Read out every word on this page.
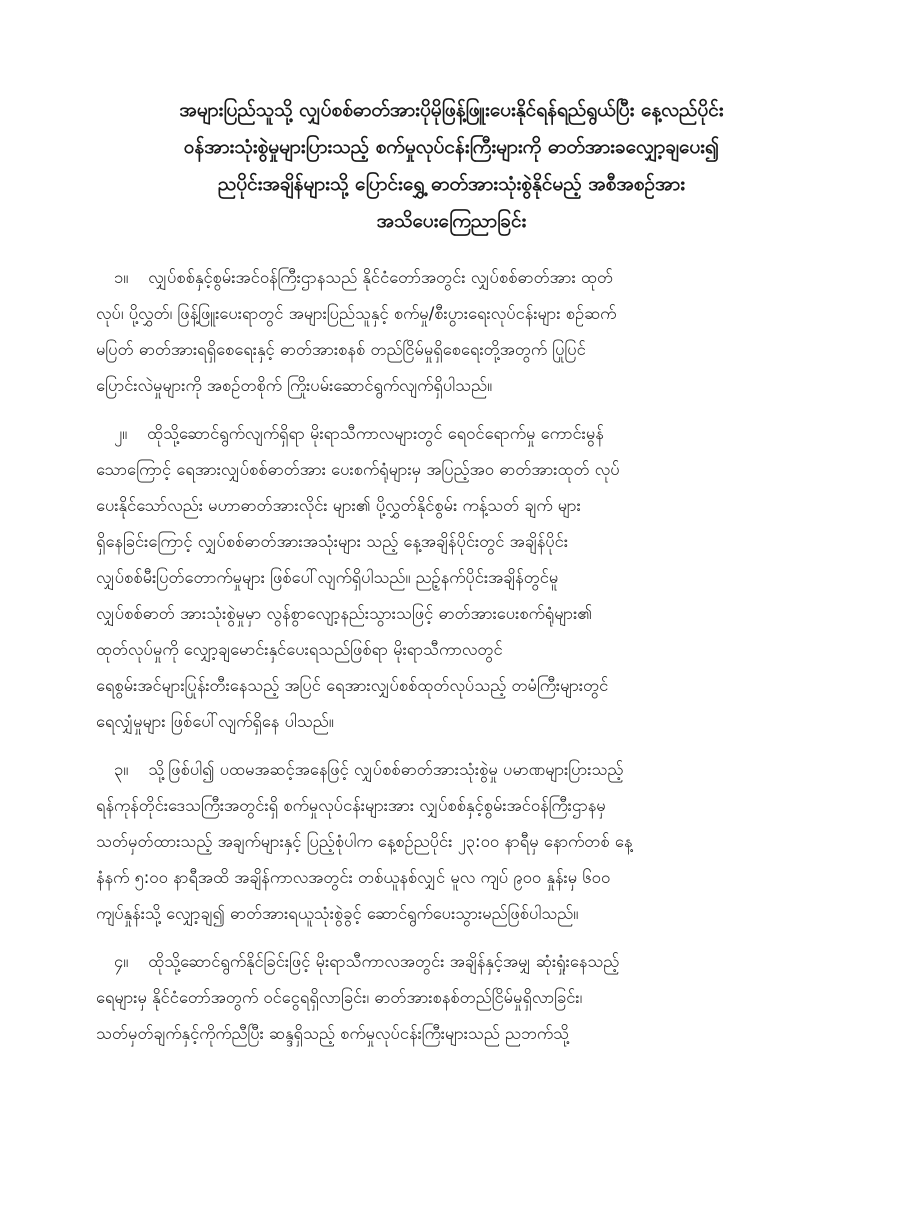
အများပြည်သူသို့ လျှပ်စစ်ဓာတ်အားပိုမိုဖြန့်ဖြူးပေးနိုင်ရန်ရည်ရွယ်ပြီး နေ့လည်ပိုင်း
ဝန်အားသုံးစွဲမှုများပြားသည့် စက်မှုလုပ်ငန်းကြီးများကို ဓာတ်အားခလျှော့ချပေး၍
ညပိုင်းအချိန်များသို့ ပြောင်းရွှေ့ ဓာတ်အားသုံးစွဲနိုင်မည့် အစီအစဉ်အား
အသိပေးကြေညာခြင်း
၁။ လျှပ်စစ်နှင့်စွမ်းအင်ဝန်ကြီးဌာနသည် နိုင်ငံတော်အတွင်း လျှပ်စစ်ဓာတ်အား ထုတ်
လုပ်၊ ပို့လွှတ်၊ ဖြန့်ဖြူးပေးရာတွင် အများပြည်သူနှင့် စက်မှု/စီးပွားရေးလုပ်ငန်းများ စဉ်ဆက်
မပြတ် ဓာတ်အားရရှိစေရေးနှင့် ဓာတ်အားစနစ် တည်ငြိမ်မှုရှိစေရေးတို့အတွက် ပြုပြင်
ပြောင်းလဲမှုများကို အစဉ်တစိုက် ကြိုးပမ်းဆောင်ရွက်လျက်ရှိပါသည်။
၂။ ထိုသို့ဆောင်ရွက်လျက်ရှိရာ မိုးရာသီကာလများတွင် ရေဝင်ရောက်မှု ကောင်းမွန်
သောကြောင့် ရေအားလျှပ်စစ်ဓာတ်အား ပေးစက်ရုံများမှ အပြည့်အဝ ဓာတ်အားထုတ် လုပ်
ပေးနိုင်သော်လည်း မဟာဓာတ်အားလိုင်း များ၏ ပို့လွှတ်နိုင်စွမ်း ကန့်သတ် ချက် များ
ရှိနေခြင်းကြောင့် လျှပ်စစ်ဓာတ်အားအသုံးများ သည့် နေ့အချိန်ပိုင်းတွင် အချိန်ပိုင်း
လျှပ်စစ်မီးပြတ်တောက်မှုများ ဖြစ်ပေါ်လျက်ရှိပါသည်။ ညဉ့်နက်ပိုင်းအချိန်တွင်မူ
လျှပ်စစ်ဓာတ် အားသုံးစွဲမှုမှာ လွန်စွာလျော့နည်းသွားသဖြင့် ဓာတ်အားပေးစက်ရုံများ၏
ထုတ်လုပ်မှုကို လျှော့ချမောင်းနှင်ပေးရသည်ဖြစ်ရာ မိုးရာသီကာလတွင်
ရေစွမ်းအင်များပြုန်းတီးနေသည့် အပြင် ရေအားလျှပ်စစ်ထုတ်လုပ်သည့် တမံကြီးများတွင်
ရေလျှံမှုများ ဖြစ်ပေါ်လျက်ရှိနေ ပါသည်။
၃။ သို့ဖြစ်ပါ၍ ပထမအဆင့်အနေဖြင့် လျှပ်စစ်ဓာတ်အားသုံးစွဲမှု ပမာဏများပြားသည့်
ရန်ကုန်တိုင်းဒေသကြီးအတွင်းရှိ စက်မှုလုပ်ငန်းများအား လျှပ်စစ်နှင့်စွမ်းအင်ဝန်ကြီးဌာနမှ
သတ်မှတ်ထားသည့် အချက်များနှင့် ပြည့်စုံပါက နေ့စဉ်ညပိုင်း ၂၃:၀၀ နာရီမှ နောက်တစ် နေ့
နံနက် ၅:၀၀ နာရီအထိ အချိန်ကာလအတွင်း တစ်ယူနစ်လျှင် မူလ ကျပ် ၉၀၀ နှုန်းမှ ၆၀၀
ကျပ်နှုန်းသို့ လျှော့ချ၍ ဓာတ်အားရယူသုံးစွဲခွင့် ဆောင်ရွက်ပေးသွားမည်ဖြစ်ပါသည်။
၄။ ထိုသို့ဆောင်ရွက်နိုင်ခြင်းဖြင့် မိုးရာသီကာလအတွင်း အချိန်နှင့်အမျှ ဆုံးရှုံးနေသည့်
ရေများမှ နိုင်ငံတော်အတွက် ဝင်ငွေရရှိလာခြင်း၊ ဓာတ်အားစနစ်တည်ငြိမ်မှုရှိလာခြင်း၊
သတ်မှတ်ချက်နှင့်ကိုက်ညီပြီး ဆန္ဒရှိသည့် စက်မှုလုပ်ငန်းကြီးများသည် ညဘက်သို့
